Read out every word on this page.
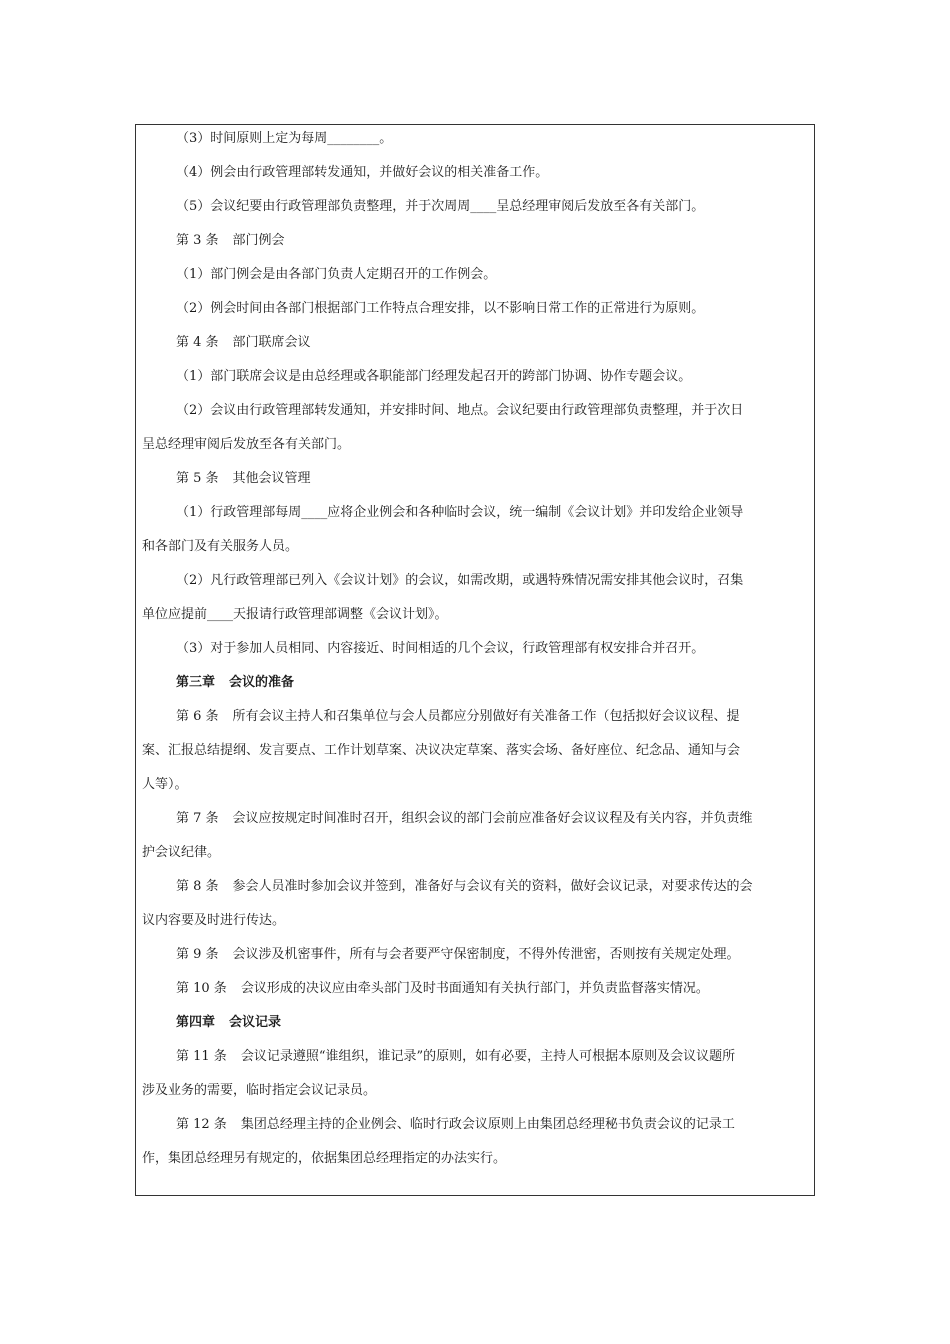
（3）时间原则上定为每周________。

（4）例会由行政管理部转发通知，并做好会议的相关准备工作。

（5）会议纪要由行政管理部负责整理，并于次周周____呈总经理审阅后发放至各有关部门。

第 3 条 部门例会

（1）部门例会是由各部门负责人定期召开的工作例会。

（2）例会时间由各部门根据部门工作特点合理安排，以不影响日常工作的正常进行为原则。

第 4 条 部门联席会议

（1）部门联席会议是由总经理或各职能部门经理发起召开的跨部门协调、协作专题会议。

（2）会议由行政管理部转发通知，并安排时间、地点。会议纪要由行政管理部负责整理，并于次日

呈总经理审阅后发放至各有关部门。

第 5 条 其他会议管理

（1）行政管理部每周____应将企业例会和各种临时会议，统一编制《会议计划》并印发给企业领导

和各部门及有关服务人员。

（2）凡行政管理部已列入《会议计划》的会议，如需改期，或遇特殊情况需安排其他会议时，召集

单位应提前____天报请行政管理部调整《会议计划》。

（3）对于参加人员相同、内容接近、时间相适的几个会议，行政管理部有权安排合并召开。

第三章 会议的准备

第 6 条 所有会议主持人和召集单位与会人员都应分别做好有关准备工作（包括拟好会议议程、提

案、汇报总结提纲、发言要点、工作计划草案、决议决定草案、落实会场、备好座位、纪念品、通知与会

人等）。

第 7 条 会议应按规定时间准时召开，组织会议的部门会前应准备好会议议程及有关内容，并负责维

护会议纪律。

第 8 条 参会人员准时参加会议并签到，准备好与会议有关的资料，做好会议记录，对要求传达的会

议内容要及时进行传达。

第 9 条 会议涉及机密事件，所有与会者要严守保密制度，不得外传泄密，否则按有关规定处理。

第 10 条 会议形成的决议应由牵头部门及时书面通知有关执行部门，并负责监督落实情况。

第四章 会议记录

第 11 条 会议记录遵照“谁组织，谁记录”的原则，如有必要，主持人可根据本原则及会议议题所

涉及业务的需要，临时指定会议记录员。

第 12 条 集团总经理主持的企业例会、临时行政会议原则上由集团总经理秘书负责会议的记录工

作，集团总经理另有规定的，依据集团总经理指定的办法实行。
